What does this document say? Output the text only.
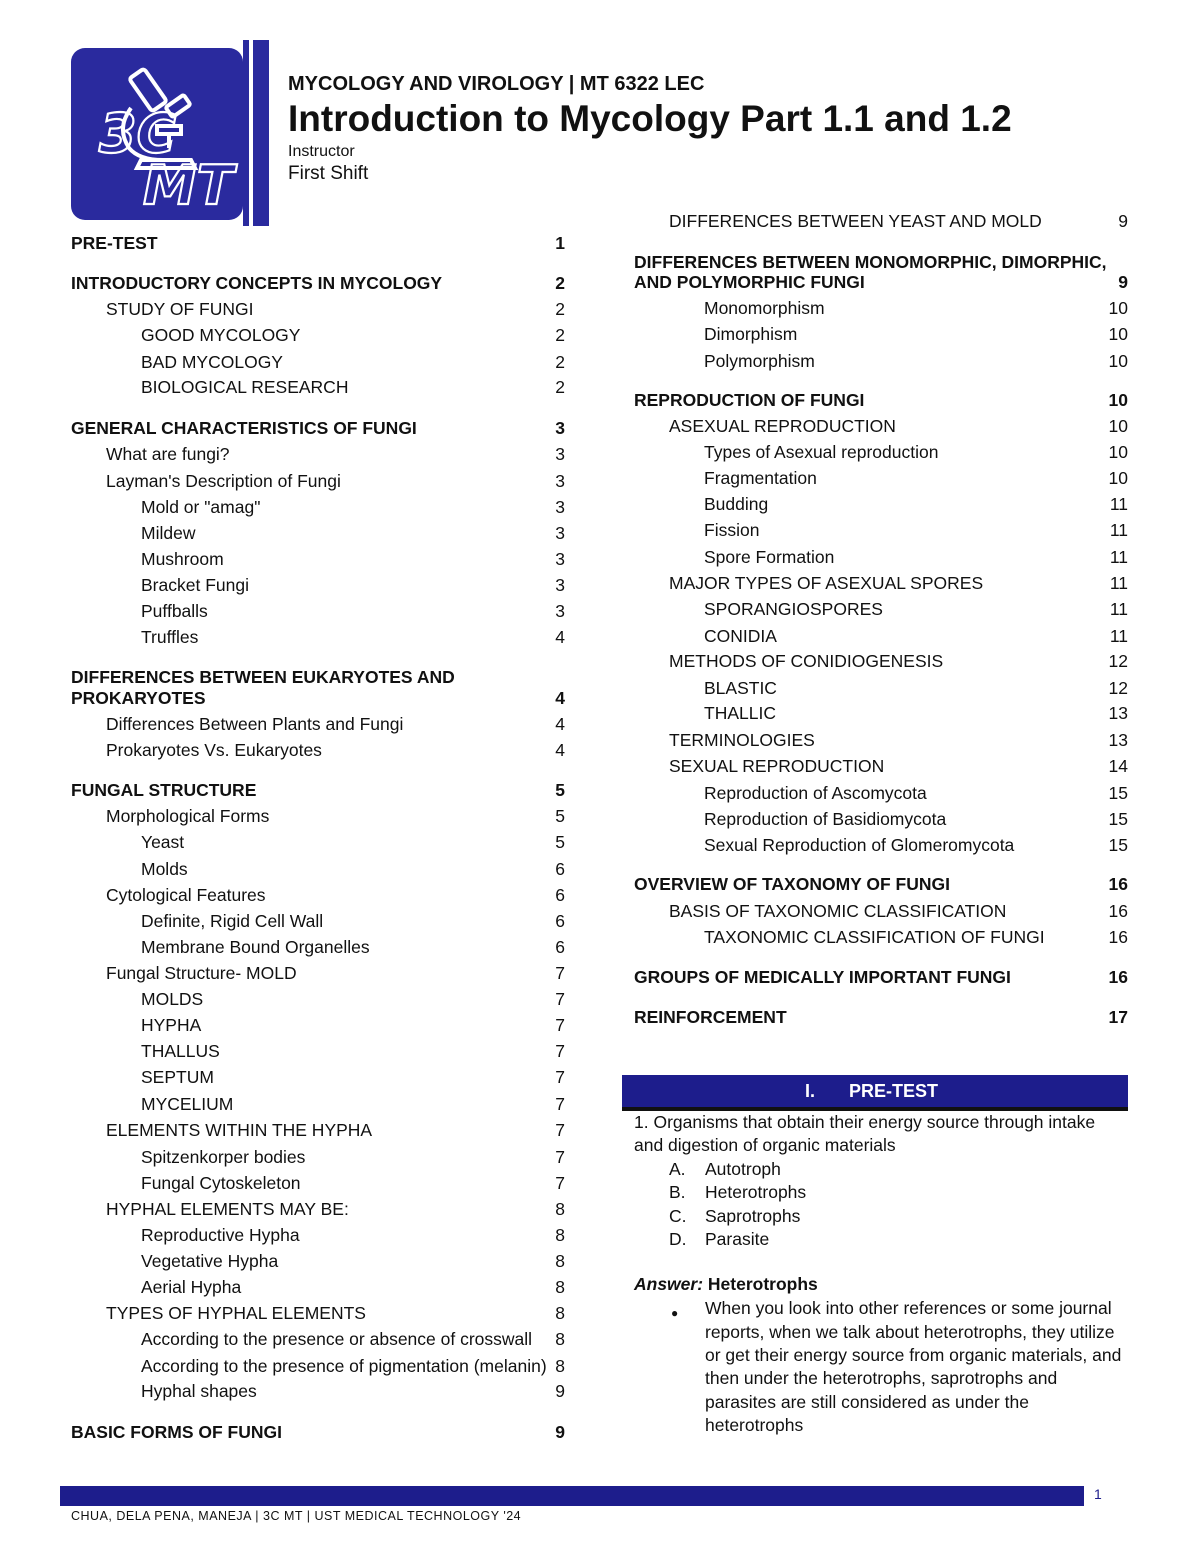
3C
MT
MYCOLOGY AND VIROLOGY | MT 6322 LEC
Introduction to Mycology Part 1.1 and 1.2
Instructor
First Shift
PRE-TEST	1
INTRODUCTORY CONCEPTS IN MYCOLOGY	2
STUDY OF FUNGI	2
GOOD MYCOLOGY	2
BAD MYCOLOGY	2
BIOLOGICAL RESEARCH	2
GENERAL CHARACTERISTICS OF FUNGI	3
What are fungi?	3
Layman's Description of Fungi	3
Mold or "amag"	3
Mildew	3
Mushroom	3
Bracket Fungi	3
Puffballs	3
Truffles	4
DIFFERENCES BETWEEN EUKARYOTES AND
PROKARYOTES	4
Differences Between Plants and Fungi	4
Prokaryotes Vs. Eukaryotes	4
FUNGAL STRUCTURE	5
Morphological Forms	5
Yeast	5
Molds	6
Cytological Features	6
Definite, Rigid Cell Wall	6
Membrane Bound Organelles	6
Fungal Structure- MOLD	7
MOLDS	7
HYPHA	7
THALLUS	7
SEPTUM	7
MYCELIUM	7
ELEMENTS WITHIN THE HYPHA	7
Spitzenkorper bodies	7
Fungal Cytoskeleton	7
HYPHAL ELEMENTS MAY BE:	8
Reproductive Hypha	8
Vegetative Hypha	8
Aerial Hypha	8
TYPES OF HYPHAL ELEMENTS	8
According to the presence or absence of crosswall	8
According to the presence of pigmentation (melanin) 8
Hyphal shapes	9
BASIC FORMS OF FUNGI	9
DIFFERENCES BETWEEN YEAST AND MOLD	9
DIFFERENCES BETWEEN MONOMORPHIC, DIMORPHIC,
AND POLYMORPHIC FUNGI	9
Monomorphism	10
Dimorphism	10
Polymorphism	10
REPRODUCTION OF FUNGI	10
ASEXUAL REPRODUCTION	10
Types of Asexual reproduction	10
Fragmentation	10
Budding	11
Fission	11
Spore Formation	11
MAJOR TYPES OF ASEXUAL SPORES	11
SPORANGIOSPORES	11
CONIDIA	11
METHODS OF CONIDIOGENESIS	12
BLASTIC	12
THALLIC	13
TERMINOLOGIES	13
SEXUAL REPRODUCTION	14
Reproduction of Ascomycota	15
Reproduction of Basidiomycota	15
Sexual Reproduction of Glomeromycota	15
OVERVIEW OF TAXONOMY OF FUNGI	16
BASIS OF TAXONOMIC CLASSIFICATION	16
TAXONOMIC CLASSIFICATION OF FUNGI	16
GROUPS OF MEDICALLY IMPORTANT FUNGI	16
REINFORCEMENT	17
I. PRE-TEST
1. Organisms that obtain their energy source through intake
and digestion of organic materials
A. Autotroph
B. Heterotrophs
C. Saprotrophs
D. Parasite
Answer: Heterotrophs
● When you look into other references or some journal
reports, when we talk about heterotrophs, they utilize
or get their energy source from organic materials, and
then under the heterotrophs, saprotrophs and
parasites are still considered as under the
heterotrophs
1
CHUA, DELA PENA, MANEJA | 3C MT | UST MEDICAL TECHNOLOGY '24
